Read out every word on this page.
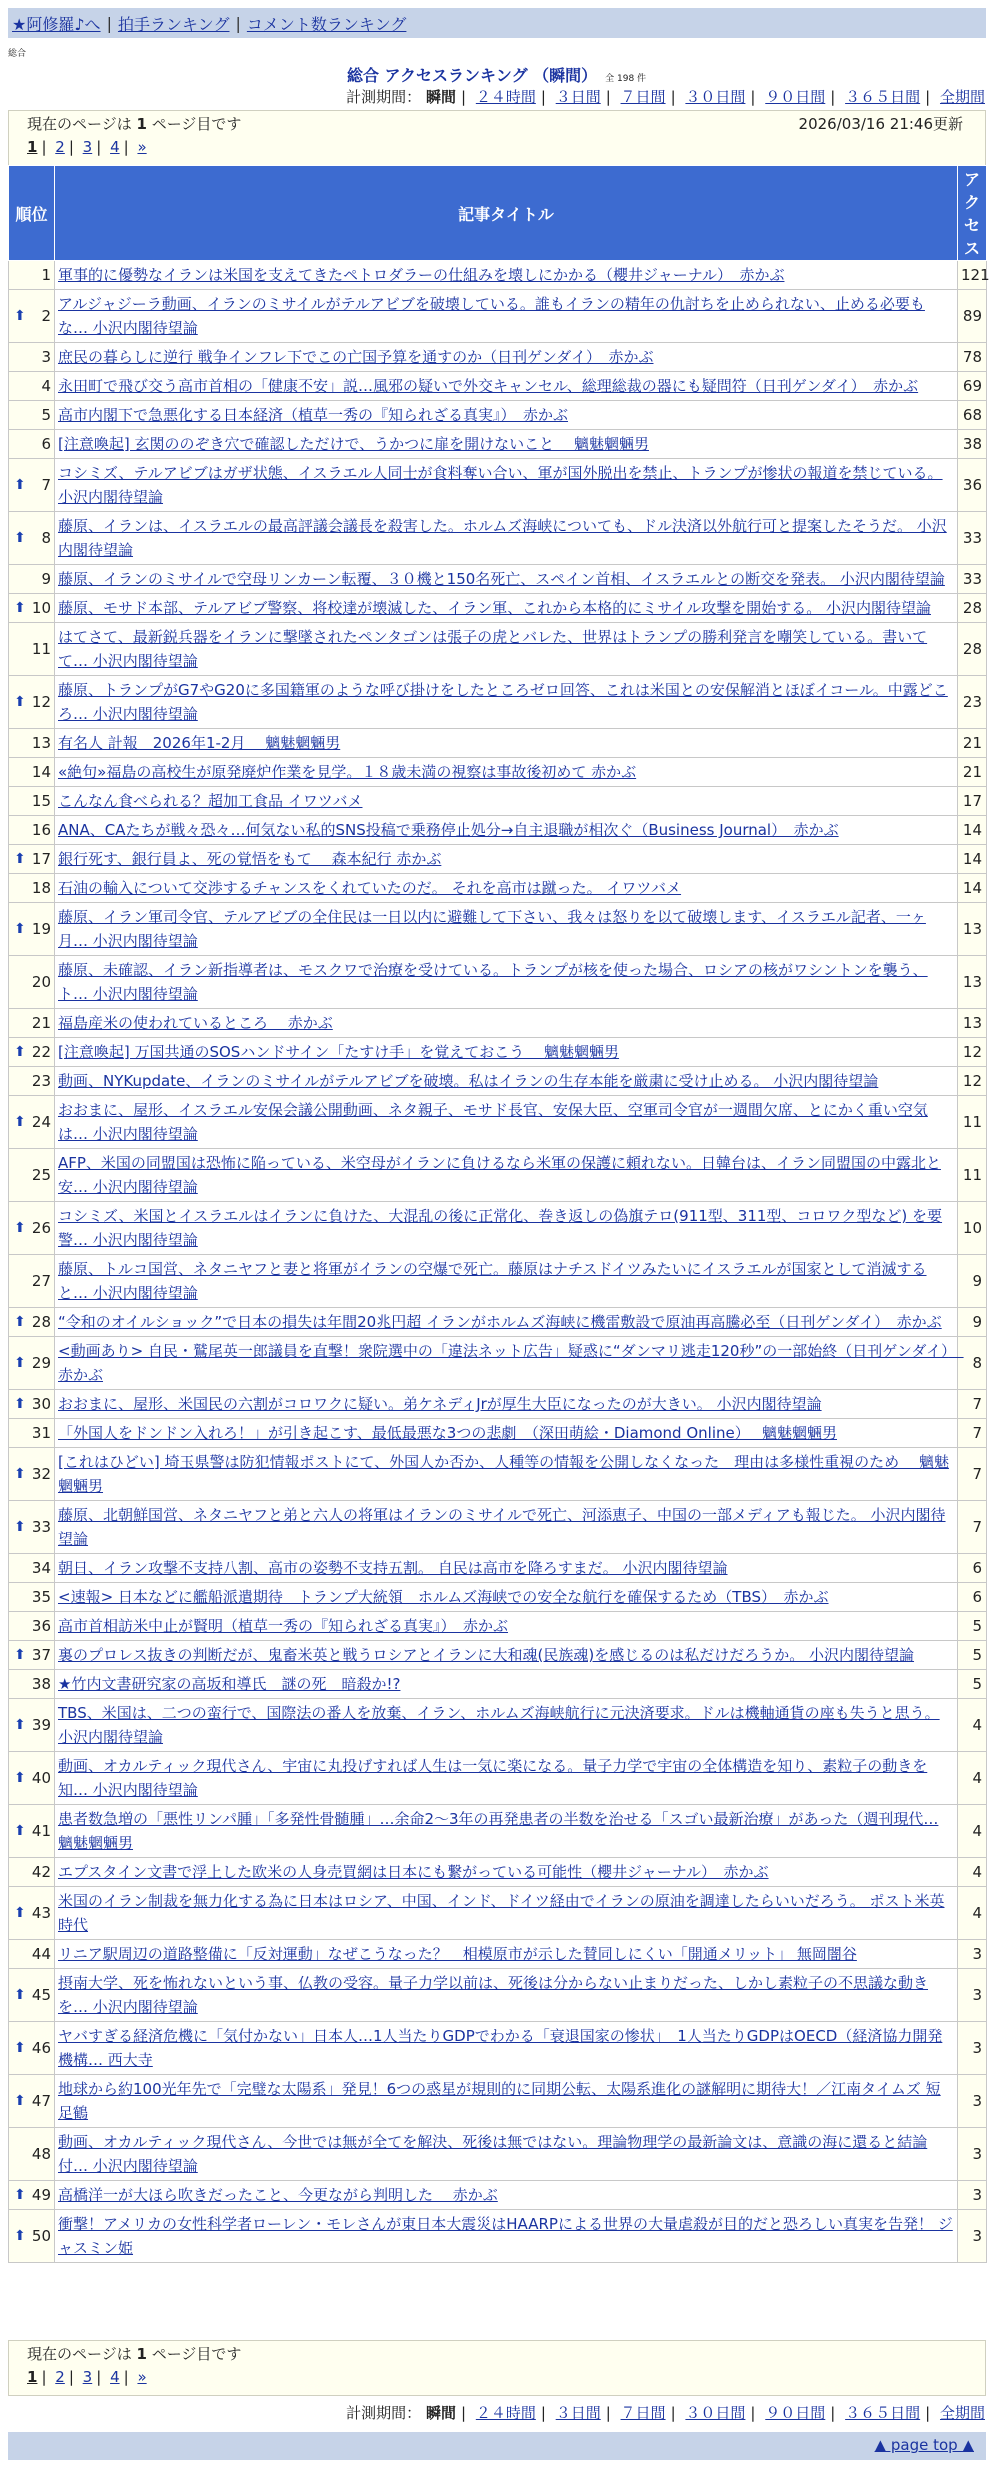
★阿修羅♪へ | 拍手ランキング | コメント数ランキング
総合
総合 アクセスランキング （瞬間） 全 198 件
計測期間： 瞬間 | ２４時間 | ３日間 | ７日間 | ３０日間 | ９０日間 | ３６５日間 | 全期間
現在のページは 1 ページ目です	2026/03/16 21:46更新
1 | 2 | 3 | 4 | »
順位	記事タイトル	アクセス
1	軍事的に優勢なイランは米国を支えてきたペトロダラーの仕組みを壊しにかかる（櫻井ジャーナル）　赤かぶ	121

⬆ 2	アルジャジーラ動画、イランのミサイルがテルアビブを破壊している。誰もイランの精年の仇討ちを止められない、止める必要もな… 小沢内閣待望論	89
3	庶民の暮らしに逆行 戦争インフレ下でこの亡国予算を通すのか（日刊ゲンダイ）　赤かぶ	78
4	永田町で飛び交う高市首相の「健康不安」説…風邪の疑いで外交キャンセル、総理総裁の器にも疑問符（日刊ゲンダイ）　赤かぶ	69
5	高市内閣下で急悪化する日本経済（植草一秀の『知られざる真実』）　赤かぶ	68
6	[注意喚起] 玄関ののぞき穴で確認しただけで、うかつに扉を開けないこと　 魑魅魍魎男	38

⬆ 7	コシミズ、テルアビブはガザ状態、イスラエル人同士が食料奪い合い、軍が国外脱出を禁止、トランプが惨状の報道を禁じている。 小沢内閣待望論	36

⬆ 8	藤原、イランは、イスラエルの最高評議会議長を殺害した。ホルムズ海峡についても、ドル決済以外航行可と提案したそうだ。 小沢内閣待望論	33
9	藤原、イランのミサイルで空母リンカーン転覆、３０機と150名死亡、スペイン首相、イスラエルとの断交を発表。 小沢内閣待望論	33

⬆ 10	藤原、モサド本部、テルアビブ警察、将校達が壊滅した、イラン軍、これから本格的にミサイル攻撃を開始する。 小沢内閣待望論	28
11	はてさて、最新鋭兵器をイランに撃墜されたペンタゴンは張子の虎とバレた、世界はトランプの勝利発言を嘲笑している。書いてて… 小沢内閣待望論	28

⬆ 12	藤原、トランプがG7やG20に多国籍軍のような呼び掛けをしたところゼロ回答、これは米国との安保解消とほぼイコール。中露どころ… 小沢内閣待望論	23
13	有名人 計報　2026年1-2月　 魑魅魍魎男	21
14	«絶句»福島の高校生が原発廃炉作業を見学。１８歳未満の視察は事故後初めて 赤かぶ	21
15	こんなん食べられる？超加工食品 イワツバメ	17
16	ANA、CAたちが戦々恐々…何気ない私的SNS投稿で乗務停止処分→自主退職が相次ぐ（Business Journal）　赤かぶ	14

⬆ 17	銀行死す、銀行員よ、死の覚悟をもて　 森本紀行 赤かぶ	14
18	石油の輸入について交渉するチャンスをくれていたのだ。 それを高市は蹴った。 イワツバメ	14

⬆ 19	藤原、イラン軍司令官、テルアビブの全住民は一日以内に避難して下さい、我々は怒りを以て破壊します、イスラエル記者、一ヶ月… 小沢内閣待望論	13
20	藤原、未確認、イラン新指導者は、モスクワで治療を受けている。トランプが核を使った場合、ロシアの核がワシントンを襲う、ト… 小沢内閣待望論	13
21	福島産米の使われているところ　 赤かぶ	13

⬆ 22	[注意喚起] 万国共通のSOSハンドサイン「たすけ手」を覚えておこう　 魑魅魍魎男	12
23	動画、NYKupdate、イランのミサイルがテルアビブを破壊。私はイランの生存本能を厳粛に受け止める。 小沢内閣待望論	12

⬆ 24	おおまに、屋形、イスラエル安保会議公開動画、ネタ親子、モサド長官、安保大臣、空軍司令官が一週間欠席、とにかく重い空気は… 小沢内閣待望論	11
25	AFP、米国の同盟国は恐怖に陥っている、米空母がイランに負けるなら米軍の保護に頼れない。日韓台は、イラン同盟国の中露北と安… 小沢内閣待望論	11

⬆ 26	コシミズ、米国とイスラエルはイランに負けた、大混乱の後に正常化、巻き返しの偽旗テロ(911型、311型、コロワク型など) を要警… 小沢内閣待望論	10
27	藤原、トルコ国営、ネタニヤフと妻と将軍がイランの空爆で死亡。藤原はナチスドイツみたいにイスラエルが国家として消滅すると… 小沢内閣待望論	9

⬆ 28	“令和のオイルショック”で日本の損失は年間20兆円超 イランがホルムズ海峡に機雷敷設で原油再高騰必至（日刊ゲンダイ）　赤かぶ	9

⬆ 29	<動画あり> 自民・鷲尾英一郎議員を直撃！衆院選中の「違法ネット広告」疑惑に“ダンマリ逃走120秒”の一部始終（日刊ゲンダイ）　赤かぶ	8

⬆ 30	おおまに、屋形、米国民の六割がコロワクに疑い。弟ケネディJrが厚生大臣になったのが大きい。 小沢内閣待望論	7
31	「外国人をドンドン入れろ！」が引き起こす、最低最悪な3つの悲劇　（深田萌絵・Diamond Online）　 魑魅魍魎男	7

⬆ 32	[これはひどい] 埼玉県警は防犯情報ポストにて、外国人か否か、人種等の情報を公開しなくなった　理由は多様性重視のため　 魑魅魍魎男	7

⬆ 33	藤原、北朝鮮国営、ネタニヤフと弟と六人の将軍はイランのミサイルで死亡、河添恵子、中国の一部メディアも報じた。 小沢内閣待望論	7
34	朝日、イラン攻撃不支持八割、高市の姿勢不支持五割。 自民は高市を降ろすまだ。 小沢内閣待望論	6
35	<速報> 日本などに艦船派遣期待　トランプ大統領　ホルムズ海峡での安全な航行を確保するため（TBS）　赤かぶ	6
36	高市首相訪米中止が賢明（植草一秀の『知られざる真実』）　赤かぶ	5

⬆ 37	裏のプロレス抜きの判断だが、鬼畜米英と戦うロシアとイランに大和魂(民族魂)を感じるのは私だけだろうか。 小沢内閣待望論	5
38	★竹内文書研究家の高坂和導氏　謎の死　暗殺か!?	5

⬆ 39	TBS、米国は、二つの蛮行で、国際法の番人を放棄、イラン、ホルムズ海峡航行に元決済要求。ドルは機軸通貨の座も失うと思う。 小沢内閣待望論	4

⬆ 40	動画、オカルティック現代さん、宇宙に丸投げすれば人生は一気に楽になる。量子力学で宇宙の全体構造を知り、素粒子の動きを知… 小沢内閣待望論	4

⬆ 41	患者数急増の「悪性リンパ腫」「多発性骨髄腫」…余命2～3年の再発患者の半数を治せる「スゴい最新治療」があった（週刊現代… 魑魅魍魎男	4
42	エプスタイン文書で浮上した欧米の人身売買網は日本にも繋がっている可能性（櫻井ジャーナル）　赤かぶ	4

⬆ 43	米国のイラン制裁を無力化する為に日本はロシア、中国、インド、ドイツ経由でイランの原油を調達したらいいだろう。 ポスト米英時代	4
44	リニア駅周辺の道路整備に「反対運動」なぜこうなった？　相模原市が示した賛同しにくい「開通メリット」 無岡闇谷	3

⬆ 45	摂南大学、死を怖れないという事、仏教の受容。量子力学以前は、死後は分からない止まりだった、しかし素粒子の不思議な動きを… 小沢内閣待望論	3

⬆ 46	ヤバすぎる経済危機に「気付かない」日本人…1人当たりGDPでわかる「衰退国家の惨状」　1人当たりGDPはOECD（経済協力開発機構… 西大寺	3

⬆ 47	地球から約100光年先で「完璧な太陽系」発見！6つの惑星が規則的に同期公転、太陽系進化の謎解明に期待大！／江南タイムズ 短足鶴	3
48	動画、オカルティック現代さん、今世では無が全てを解決、死後は無ではない。理論物理学の最新論文は、意識の海に還ると結論付… 小沢内閣待望論	3

⬆ 49	高橋洋一が大ほら吹きだったこと、今更ながら判明した　 赤かぶ	3

⬆ 50	衝撃！アメリカの女性科学者ローレン・モレさんが東日本大震災はHAARPによる世界の大量虐殺が目的だと恐ろしい真実を告発！ ジャスミン姫	3
現在のページは 1 ページ目です
1 | 2 | 3 | 4 | »
計測期間： 瞬間 | ２４時間 | ３日間 | ７日間 | ３０日間 | ９０日間 | ３６５日間 | 全期間
▲ page top ▲
